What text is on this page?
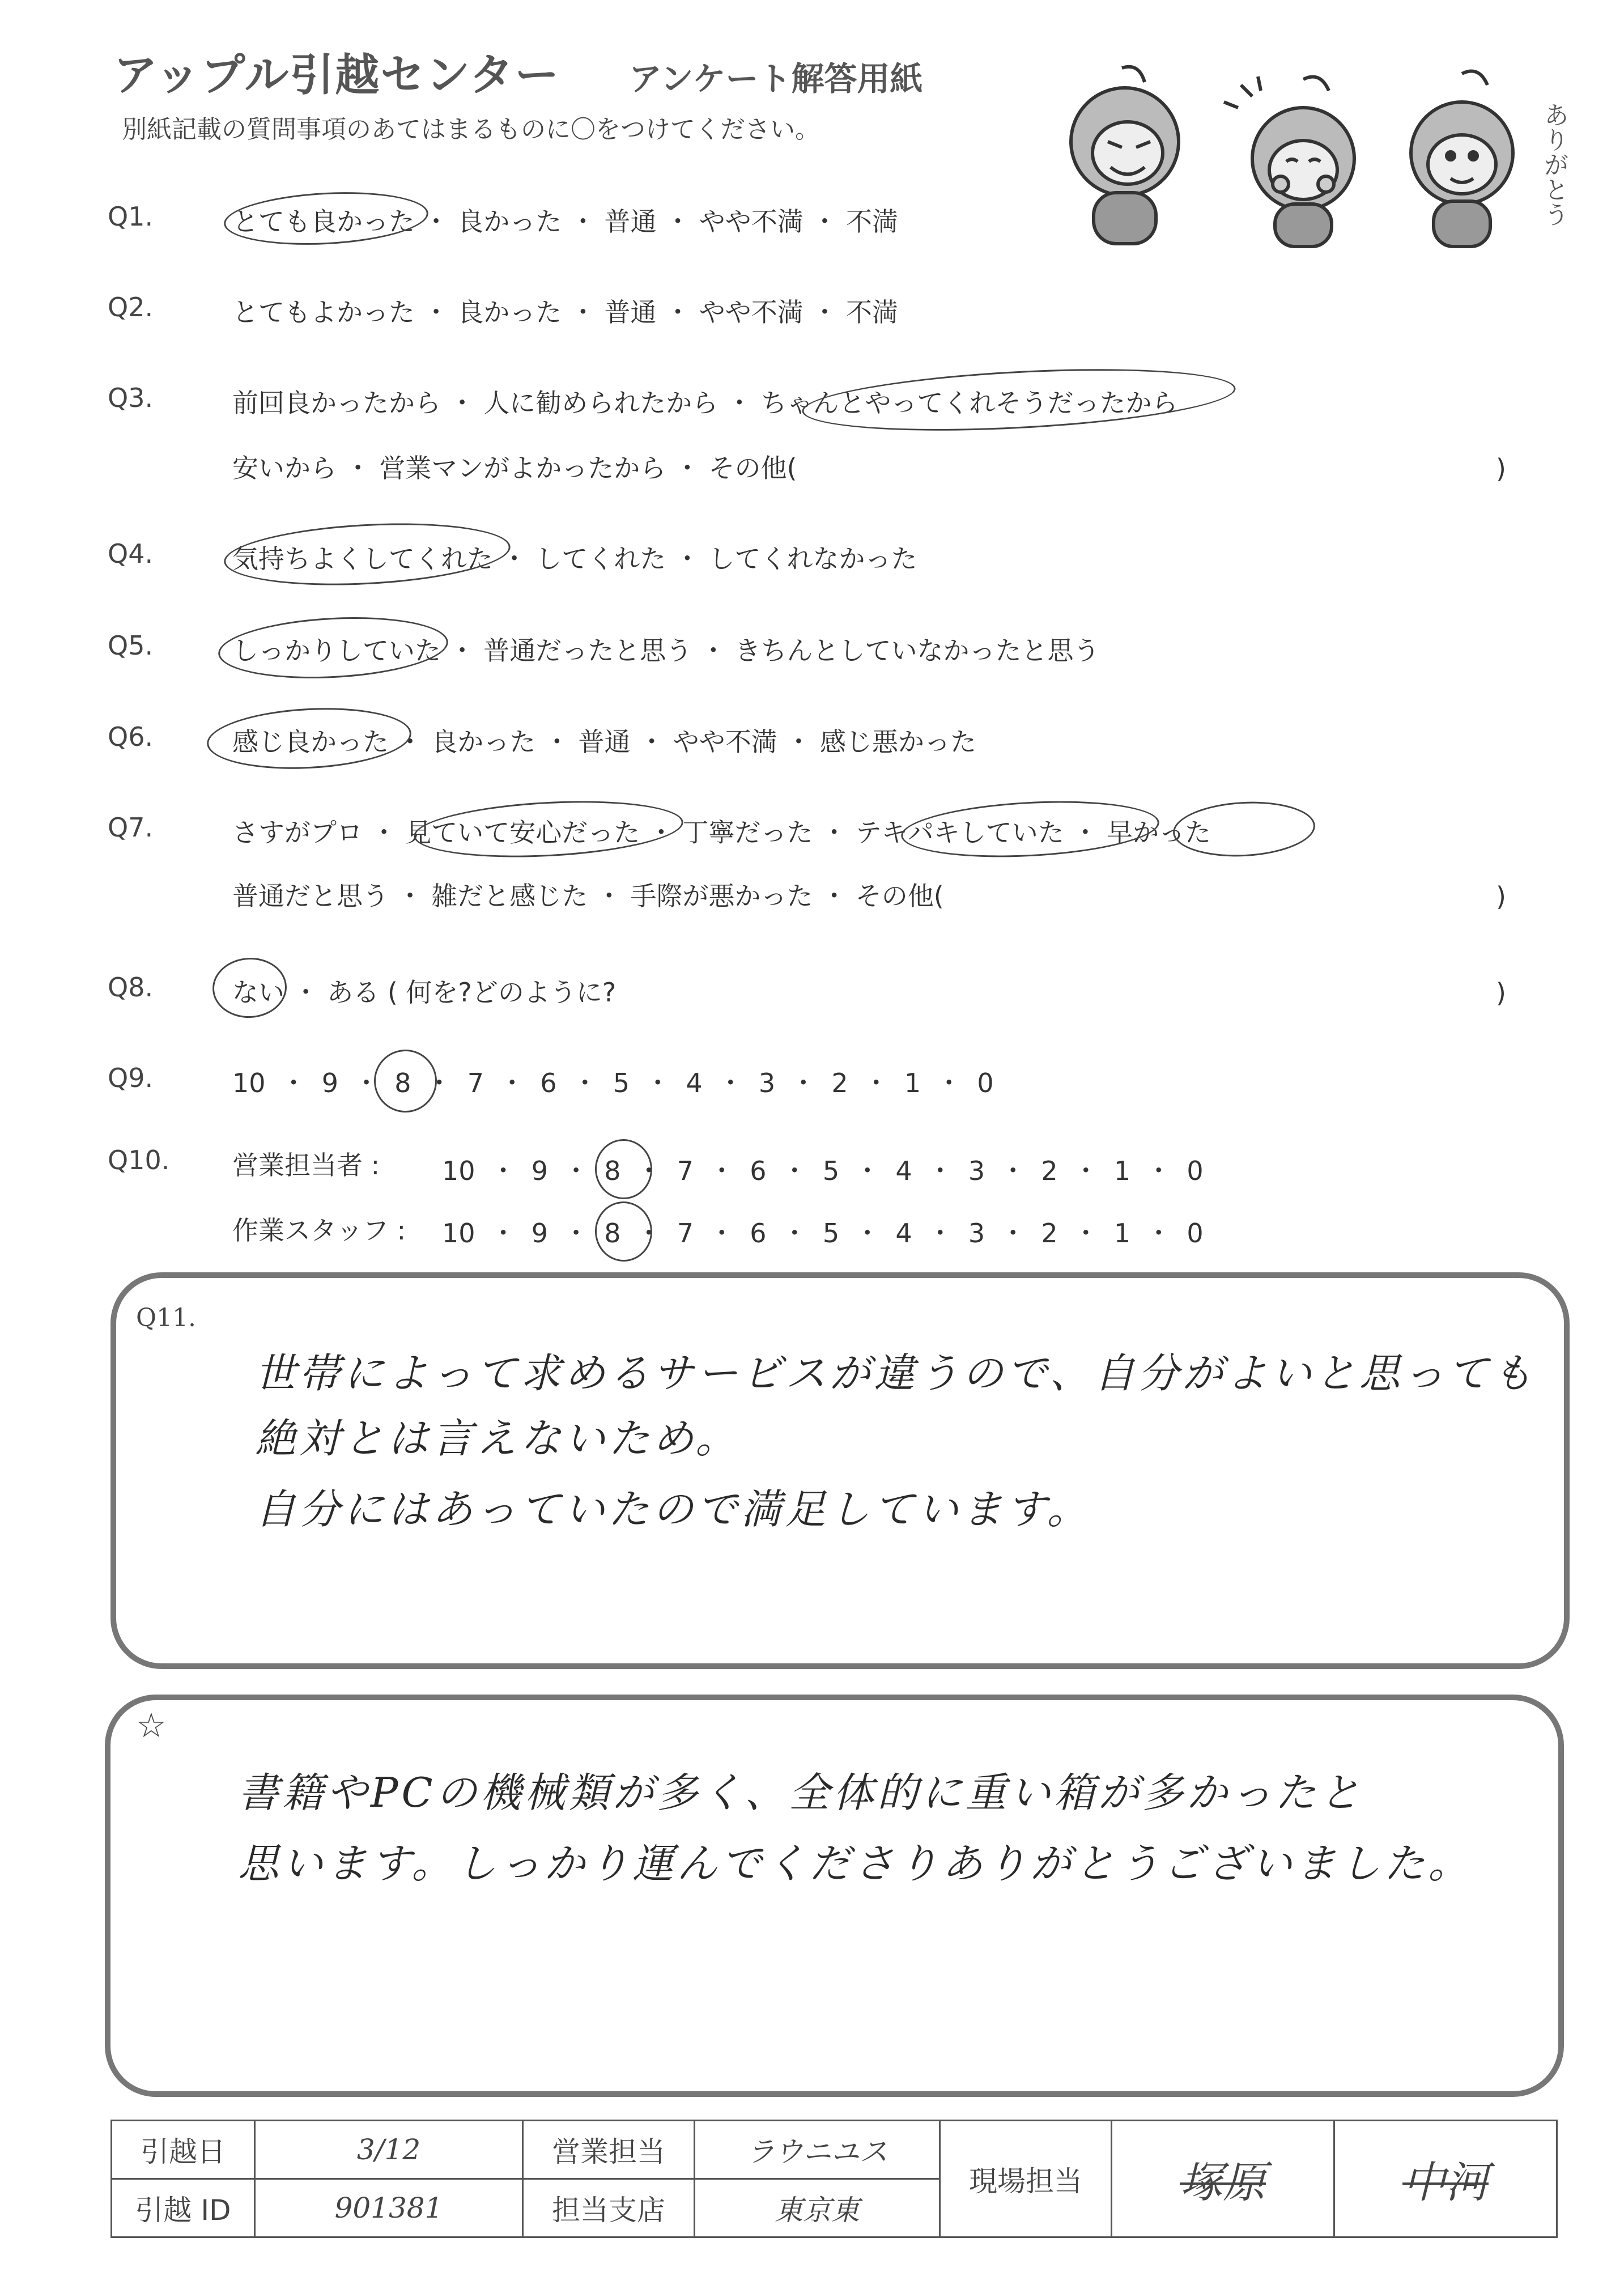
アップル引越センター アンケート解答用紙
別紙記載の質問事項のあてはまるものに〇をつけてください。	ありがとう
Q1.	とても良かった ・ 良かった ・ 普通 ・ やや不満 ・ 不満
Q2.	とてもよかった ・ 良かった ・ 普通 ・ やや不満 ・ 不満
Q3.	前回良かったから ・ 人に勧められたから ・ ちゃんとやってくれそうだったから
安いから ・ 営業マンがよかったから ・ その他(	)
Q4.	気持ちよくしてくれた ・ してくれた ・ してくれなかった
Q5.	しっかりしていた ・ 普通だったと思う ・ きちんとしていなかったと思う
Q6.	感じ良かった ・ 良かった ・ 普通 ・ やや不満 ・ 感じ悪かった
Q7.	さすがプロ ・ 見ていて安心だった ・ 丁寧だった ・ テキパキしていた ・ 早かった
普通だと思う ・ 雑だと感じた ・ 手際が悪かった ・ その他(	)
Q8.	ない ・ ある ( 何を?どのように?	)
Q9.	10 ・ 9 ・ 8 ・ 7 ・ 6 ・ 5 ・ 4 ・ 3 ・ 2 ・ 1 ・ 0
Q10. 営業担当者 : 10 ・ 9 ・ 8 ・ 7 ・ 6 ・ 5 ・ 4 ・ 3 ・ 2 ・ 1 ・ 0
作業スタッフ : 10 ・ 9 ・ 8 ・ 7 ・ 6 ・ 5 ・ 4 ・ 3 ・ 2 ・ 1 ・ 0
Q11.
世帯によって求めるサービスが違うので、自分がよいと思っても
絶対とは言えないため。
自分にはあっていたので満足しています。
☆
書籍やPCの機械類が多く、全体的に重い箱が多かったと
思います。しっかり運んでくださりありがとうございました。
引越日	3/12	営業担当	ラウニユス	現場担当	塚原	中河
引越 ID	901381	担当支店	東京東			
